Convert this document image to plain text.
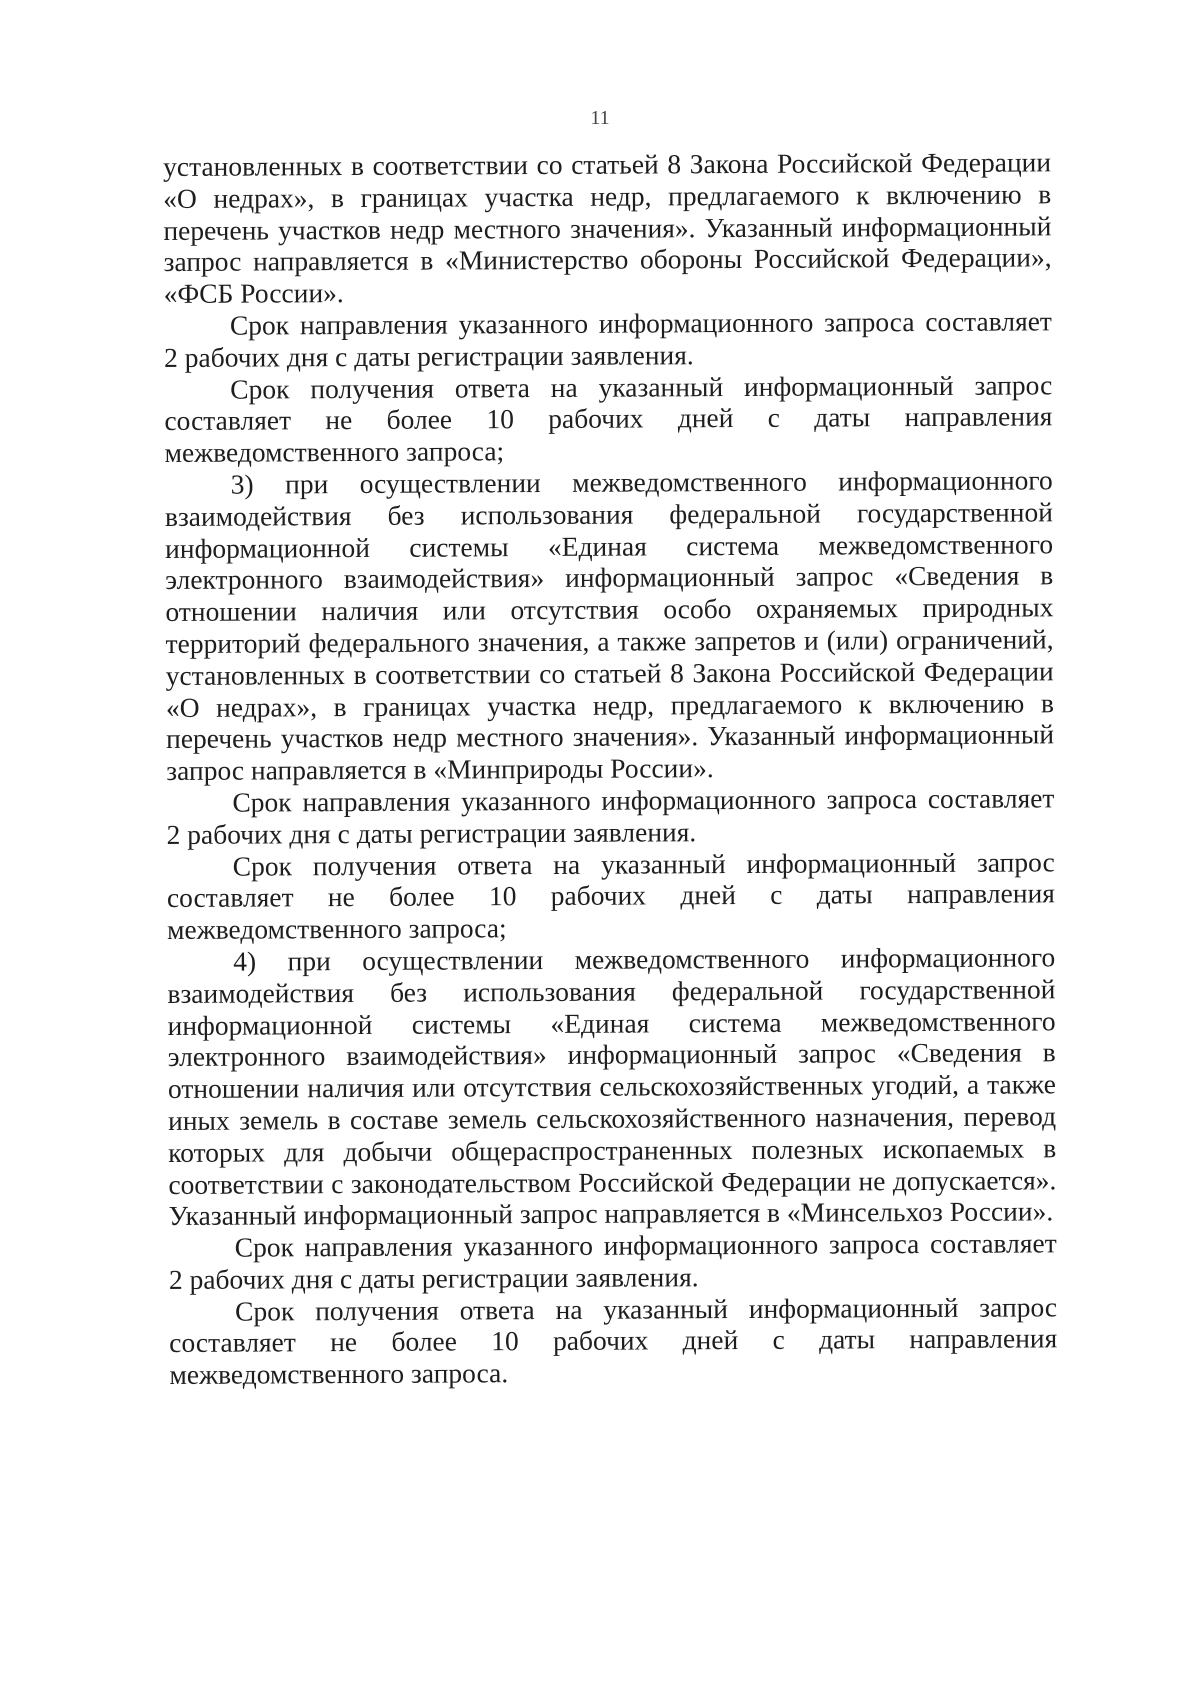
11

установленных в соответствии со статьей 8 Закона Российской Федерации «О недрах», в границах участка недр, предлагаемого к включению в перечень участков недр местного значения». Указанный информационный запрос направляется в «Министерство обороны Российской Федерации», «ФСБ России».

Срок направления указанного информационного запроса составляет 2 рабочих дня с даты регистрации заявления.

Срок получения ответа на указанный информационный запрос составляет не более 10 рабочих дней с даты направления межведомственного запроса;

3) при осуществлении межведомственного информационного взаимодействия без использования федеральной государственной информационной системы «Единая система межведомственного электронного взаимодействия» информационный запрос «Сведения в отношении наличия или отсутствия особо охраняемых природных территорий федерального значения, а также запретов и (или) ограничений, установленных в соответствии со статьей 8 Закона Российской Федерации «О недрах», в границах участка недр, предлагаемого к включению в перечень участков недр местного значения». Указанный информационный запрос направляется в «Минприроды России».

Срок направления указанного информационного запроса составляет 2 рабочих дня с даты регистрации заявления.

Срок получения ответа на указанный информационный запрос составляет не более 10 рабочих дней с даты направления межведомственного запроса;

4) при осуществлении межведомственного информационного взаимодействия без использования федеральной государственной информационной системы «Единая система межведомственного электронного взаимодействия» информационный запрос «Сведения в отношении наличия или отсутствия сельскохозяйственных угодий, а также иных земель в составе земель сельскохозяйственного назначения, перевод которых для добычи общераспространенных полезных ископаемых в соответствии с законодательством Российской Федерации не допускается». Указанный информационный запрос направляется в «Минсельхоз России».

Срок направления указанного информационного запроса составляет 2 рабочих дня с даты регистрации заявления.

Срок получения ответа на указанный информационный запрос составляет не более 10 рабочих дней с даты направления межведомственного запроса.
